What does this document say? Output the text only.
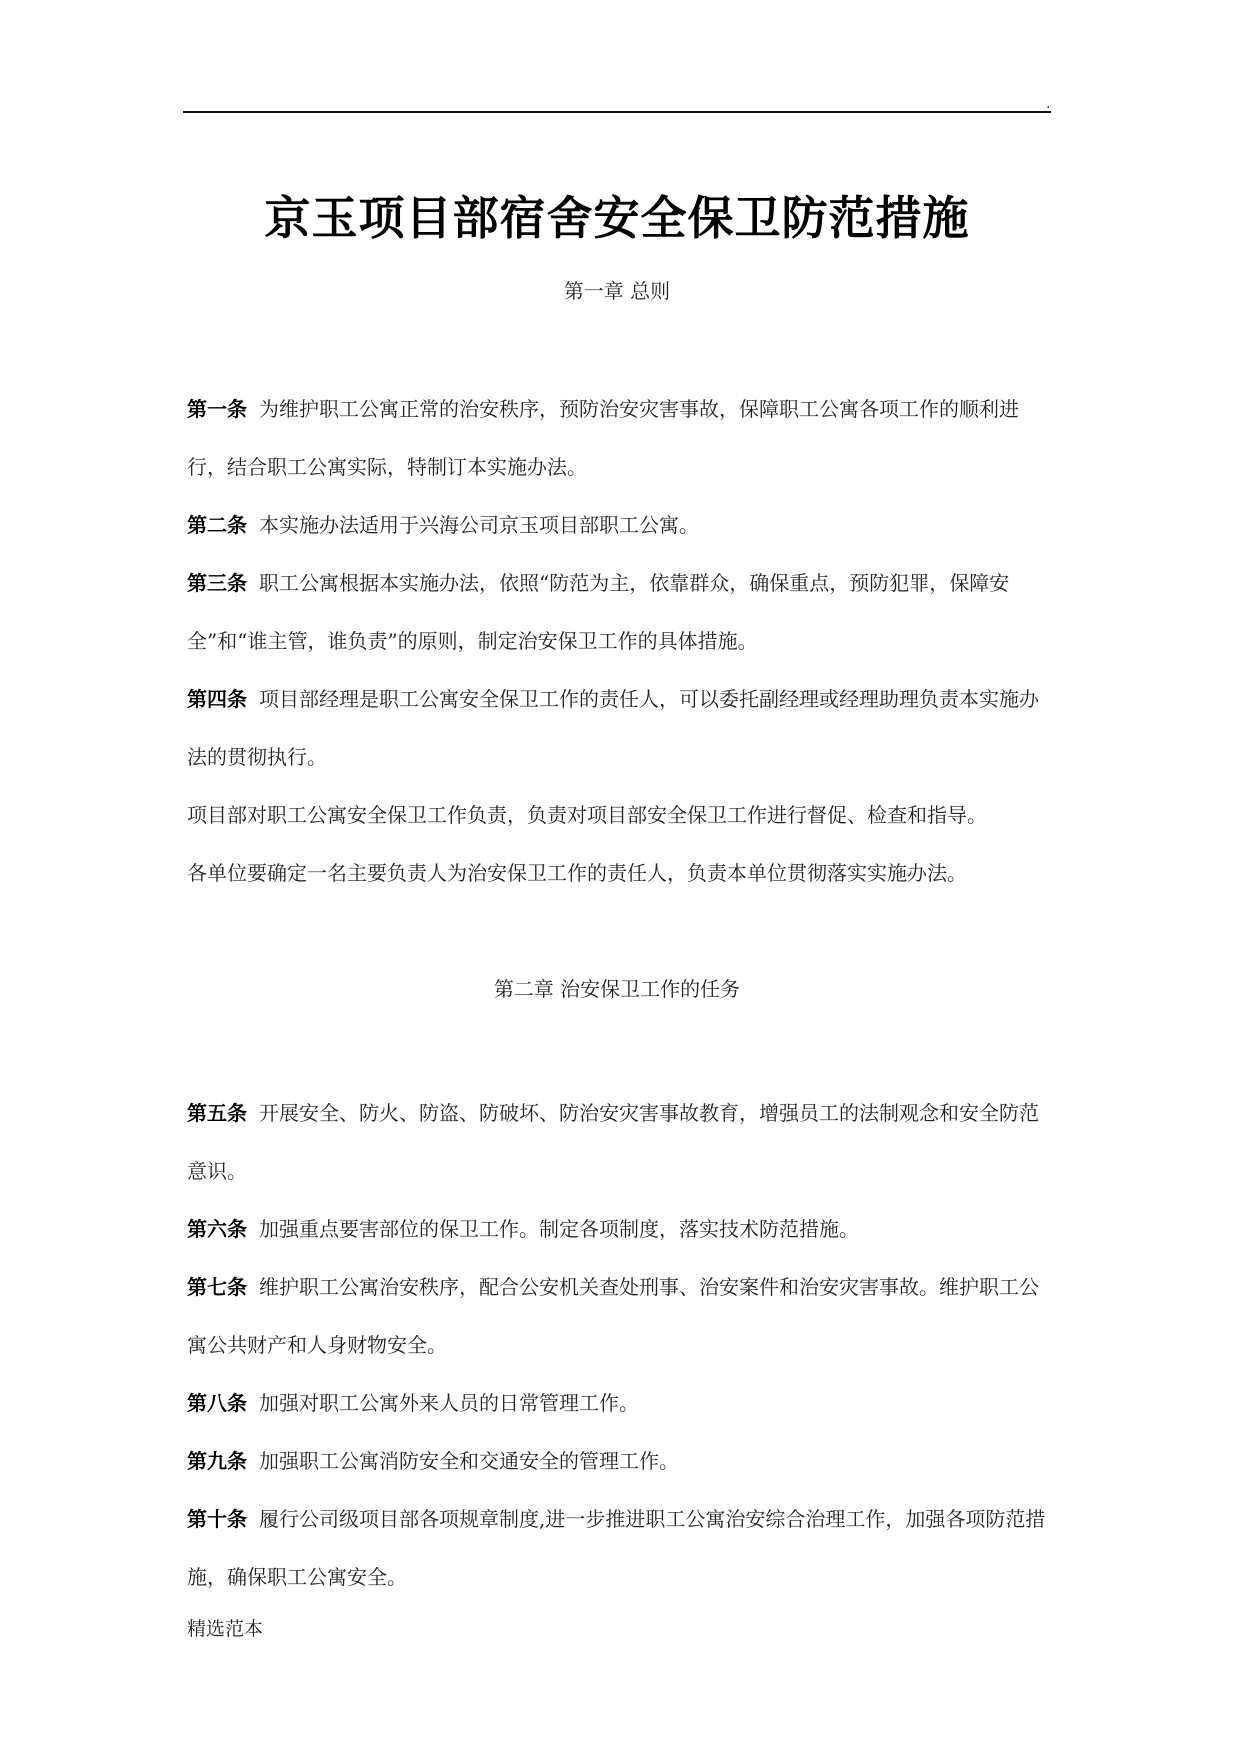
.
京玉项目部宿舍安全保卫防范措施
第一章 总则

第一条 为维护职工公寓正常的治安秩序，预防治安灾害事故，保障职工公寓各项工作的顺利进行，结合职工公寓实际，特制订本实施办法。

第二条 本实施办法适用于兴海公司京玉项目部职工公寓。

第三条 职工公寓根据本实施办法，依照“防范为主，依靠群众，确保重点，预防犯罪，保障安全”和“谁主管，谁负责”的原则，制定治安保卫工作的具体措施。

第四条 项目部经理是职工公寓安全保卫工作的责任人，可以委托副经理或经理助理负责本实施办法的贯彻执行。

项目部对职工公寓安全保卫工作负责，负责对项目部安全保卫工作进行督促、检查和指导。

各单位要确定一名主要负责人为治安保卫工作的责任人，负责本单位贯彻落实实施办法。

第二章 治安保卫工作的任务

第五条 开展安全、防火、防盗、防破坏、防治安灾害事故教育，增强员工的法制观念和安全防范意识。

第六条 加强重点要害部位的保卫工作。制定各项制度，落实技术防范措施。

第七条 维护职工公寓治安秩序，配合公安机关查处刑事、治安案件和治安灾害事故。维护职工公寓公共财产和人身财物安全。

第八条 加强对职工公寓外来人员的日常管理工作。

第九条 加强职工公寓消防安全和交通安全的管理工作。

第十条 履行公司级项目部各项规章制度,进一步推进职工公寓治安综合治理工作，加强各项防范措施，确保职工公寓安全。

精选范本
